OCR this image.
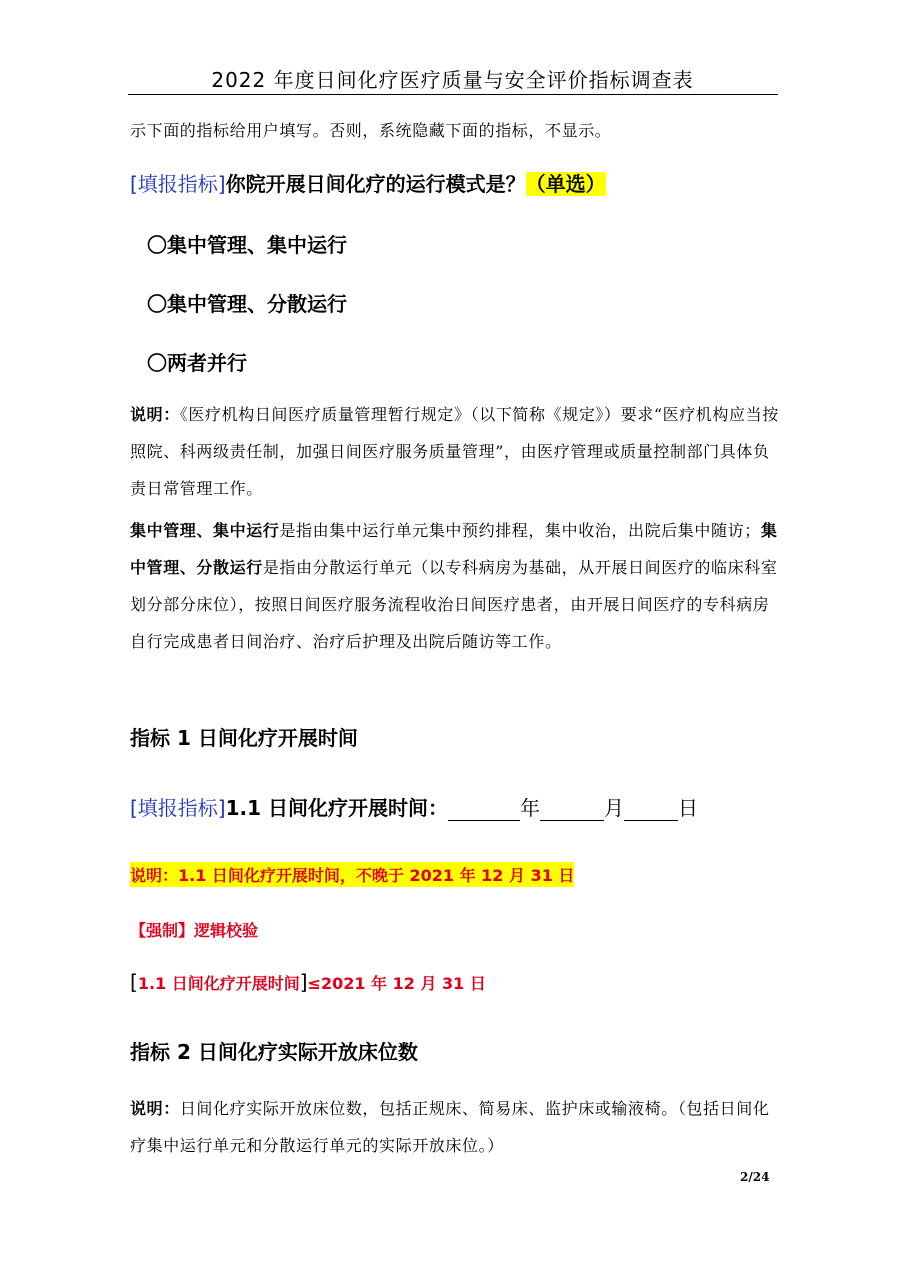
2022 年度日间化疗医疗质量与安全评价指标调查表
示下面的指标给用户填写。否则，系统隐藏下面的指标，不显示。
[填报指标]你院开展日间化疗的运行模式是？（单选）
〇集中管理、集中运行
〇集中管理、分散运行
〇两者并行
说明：《医疗机构日间医疗质量管理暂行规定》（以下简称《规定》）要求“医疗机构应当按照院、科两级责任制，加强日间医疗服务质量管理”，由医疗管理或质量控制部门具体负责日常管理工作。
集中管理、集中运行是指由集中运行单元集中预约排程，集中收治，出院后集中随访；集中管理、分散运行是指由分散运行单元（以专科病房为基础，从开展日间医疗的临床科室划分部分床位），按照日间医疗服务流程收治日间医疗患者，由开展日间医疗的专科病房自行完成患者日间治疗、治疗后护理及出院后随访等工作。
指标 1 日间化疗开展时间
[填报指标]1.1 日间化疗开展时间：	年	月	日
说明：1.1 日间化疗开展时间，不晚于 2021 年 12 月 31 日
【强制】逻辑校验
[1.1 日间化疗开展时间]≤2021 年 12 月 31 日
指标 2 日间化疗实际开放床位数
说明：日间化疗实际开放床位数，包括正规床、简易床、监护床或输液椅。（包括日间化疗集中运行单元和分散运行单元的实际开放床位。）
2/24
